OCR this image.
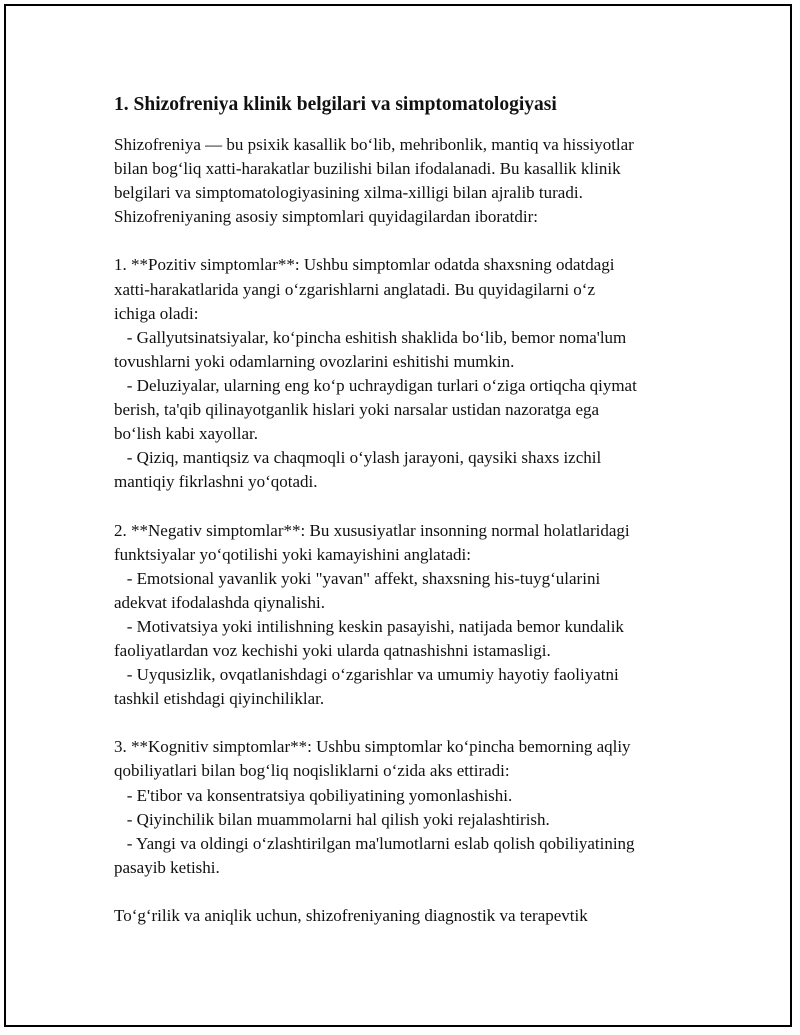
1. Shizofreniya klinik belgilari va simptomatologiyasi

Shizofreniya — bu psixik kasallik bo‘lib, mehribonlik, mantiq va hissiyotlar
bilan bog‘liq xatti-harakatlar buzilishi bilan ifodalanadi. Bu kasallik klinik
belgilari va simptomatologiyasining xilma-xilligi bilan ajralib turadi.
Shizofreniyaning asosiy simptomlari quyidagilardan iboratdir:

1. **Pozitiv simptomlar**: Ushbu simptomlar odatda shaxsning odatdagi
xatti-harakatlarida yangi o‘zgarishlarni anglatadi. Bu quyidagilarni o‘z
ichiga oladi:
- Gallyutsinatsiyalar, ko‘pincha eshitish shaklida bo‘lib, bemor noma'lum
tovushlarni yoki odamlarning ovozlarini eshitishi mumkin.
- Deluziyalar, ularning eng ko‘p uchraydigan turlari o‘ziga ortiqcha qiymat
berish, ta'qib qilinayotganlik hislari yoki narsalar ustidan nazoratga ega
bo‘lish kabi xayollar.
- Qiziq, mantiqsiz va chaqmoqli o‘ylash jarayoni, qaysiki shaxs izchil
mantiqiy fikrlashni yo‘qotadi.

2. **Negativ simptomlar**: Bu xususiyatlar insonning normal holatlaridagi
funktsiyalar yo‘qotilishi yoki kamayishini anglatadi:
- Emotsional yavanlik yoki "yavan" affekt, shaxsning his-tuyg‘ularini
adekvat ifodalashda qiynalishi.
- Motivatsiya yoki intilishning keskin pasayishi, natijada bemor kundalik
faoliyatlardan voz kechishi yoki ularda qatnashishni istamasligi.
- Uyqusizlik, ovqatlanishdagi o‘zgarishlar va umumiy hayotiy faoliyatni
tashkil etishdagi qiyinchiliklar.

3. **Kognitiv simptomlar**: Ushbu simptomlar ko‘pincha bemorning aqliy
qobiliyatlari bilan bog‘liq noqisliklarni o‘zida aks ettiradi:
- E'tibor va konsentratsiya qobiliyatining yomonlashishi.
- Qiyinchilik bilan muammolarni hal qilish yoki rejalashtirish.
- Yangi va oldingi o‘zlashtirilgan ma'lumotlarni eslab qolish qobiliyatining
pasayib ketishi.

To‘g‘rilik va aniqlik uchun, shizofreniyaning diagnostik va terapevtik
